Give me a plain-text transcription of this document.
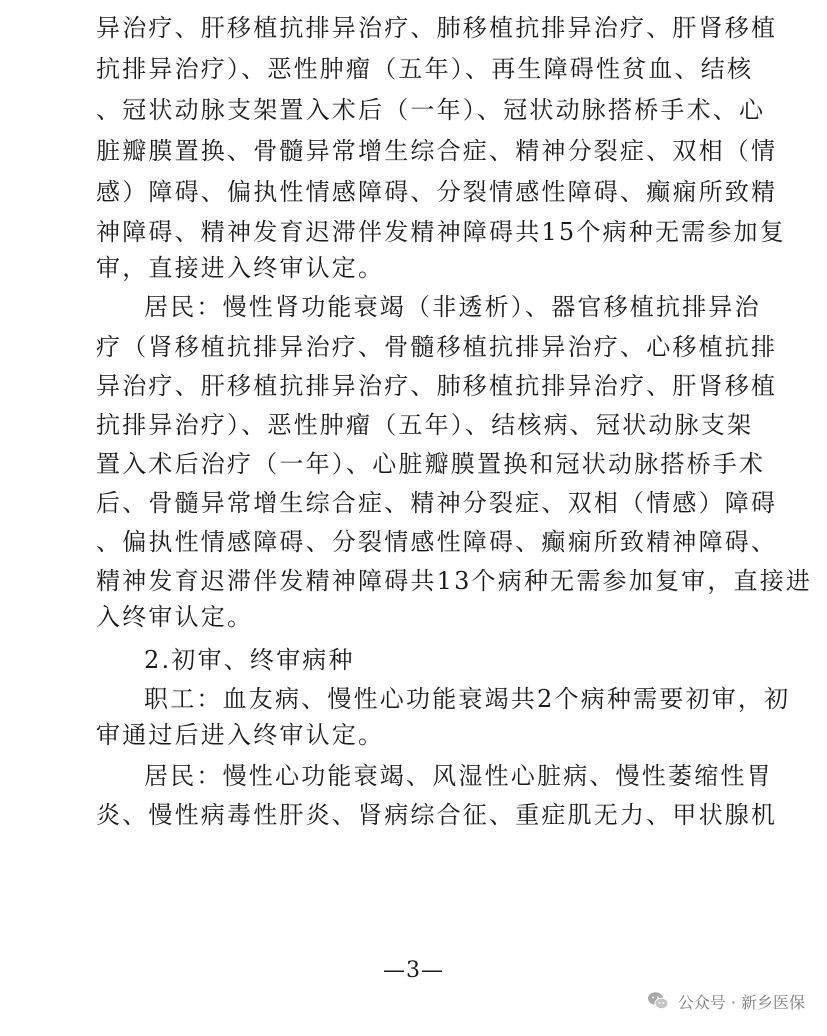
异治疗、肝移植抗排异治疗、肺移植抗排异治疗、肝肾移植
抗排异治疗）、恶性肿瘤（五年）、再生障碍性贫血、结核
、冠状动脉支架置入术后（一年）、冠状动脉搭桥手术、心
脏瓣膜置换、骨髓异常增生综合症、精神分裂症、双相（情
感）障碍、偏执性情感障碍、分裂情感性障碍、癫痫所致精
神障碍、精神发育迟滞伴发精神障碍共15个病种无需参加复
审，直接进入终审认定。
居民：慢性肾功能衰竭（非透析）、器官移植抗排异治
疗（肾移植抗排异治疗、骨髓移植抗排异治疗、心移植抗排
异治疗、肝移植抗排异治疗、肺移植抗排异治疗、肝肾移植
抗排异治疗）、恶性肿瘤（五年）、结核病、冠状动脉支架
置入术后治疗（一年）、心脏瓣膜置换和冠状动脉搭桥手术
后、骨髓异常增生综合症、精神分裂症、双相（情感）障碍
、偏执性情感障碍、分裂情感性障碍、癫痫所致精神障碍、
精神发育迟滞伴发精神障碍共13个病种无需参加复审，直接进
入终审认定。
2.初审、终审病种
职工：血友病、慢性心功能衰竭共2个病种需要初审，初
审通过后进入终审认定。
居民：慢性心功能衰竭、风湿性心脏病、慢性萎缩性胃
炎、慢性病毒性肝炎、肾病综合征、重症肌无力、甲状腺机
—3—
公众号 · 新乡医保
